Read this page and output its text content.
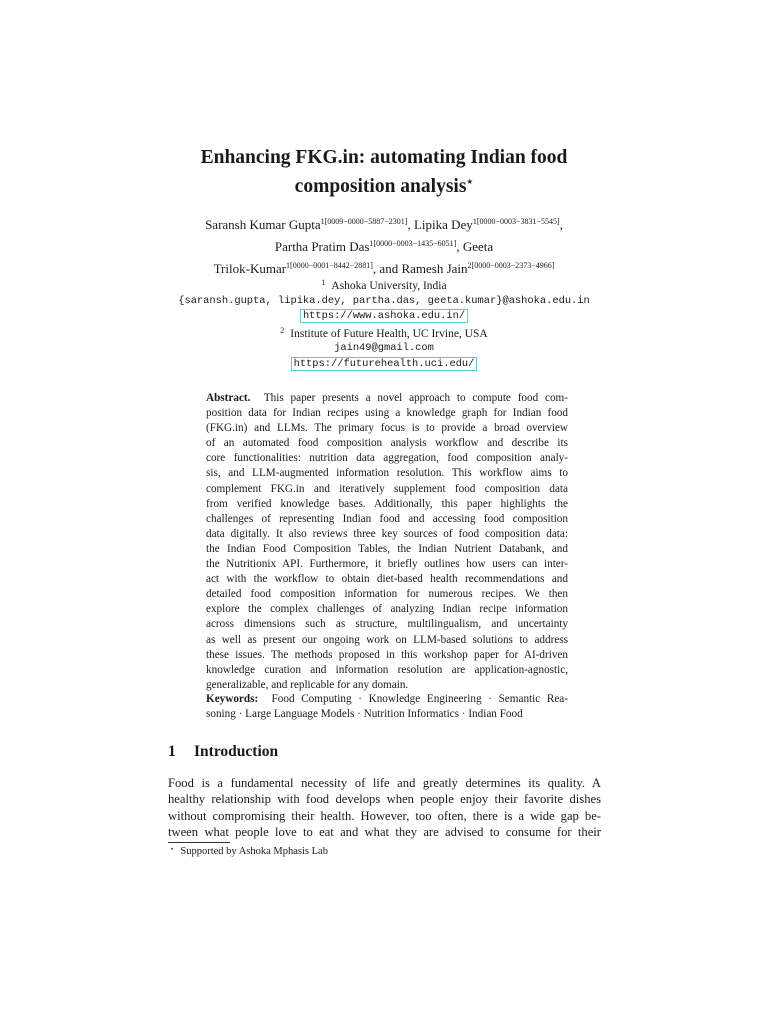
Enhancing FKG.in: automating Indian food
composition analysis⋆
Saransh Kumar Gupta$^{1[0009-0000-5887-2301]}$, Lipika Dey$^{1[0000-0003-3831-5545]}$,
Partha Pratim Das$^{1[0000-0003-1435-6051]}$, Geeta
Trilok-Kumar$^{1[0000-0001-8442-2881]}$, and Ramesh Jain$^{2[0000-0003-2373-4966]}$
$^1$ Ashoka University, India
{saransh.gupta, lipika.dey, partha.das, geeta.kumar}@ashoka.edu.in
https://www.ashoka.edu.in/
$^2$ Institute of Future Health, UC Irvine, USA
jain49@gmail.com
https://futurehealth.uci.edu/
Abstract. This paper presents a novel approach to compute food com-
position data for Indian recipes using a knowledge graph for Indian food
(FKG.in) and LLMs. The primary focus is to provide a broad overview
of an automated food composition analysis workflow and describe its
core functionalities: nutrition data aggregation, food composition analy-
sis, and LLM-augmented information resolution. This workflow aims to
complement FKG.in and iteratively supplement food composition data
from verified knowledge bases. Additionally, this paper highlights the
challenges of representing Indian food and accessing food composition
data digitally. It also reviews three key sources of food composition data:
the Indian Food Composition Tables, the Indian Nutrient Databank, and
the Nutritionix API. Furthermore, it briefly outlines how users can inter-
act with the workflow to obtain diet-based health recommendations and
detailed food composition information for numerous recipes. We then
explore the complex challenges of analyzing Indian recipe information
across dimensions such as structure, multilingualism, and uncertainty
as well as present our ongoing work on LLM-based solutions to address
these issues. The methods proposed in this workshop paper for AI-driven
knowledge curation and information resolution are application-agnostic,
generalizable, and replicable for any domain.
Keywords: Food Computing · Knowledge Engineering · Semantic Rea-
soning · Large Language Models · Nutrition Informatics · Indian Food
1 Introduction
Food is a fundamental necessity of life and greatly determines its quality. A
healthy relationship with food develops when people enjoy their favorite dishes
without compromising their health. However, too often, there is a wide gap be-
tween what people love to eat and what they are advised to consume for their
⋆ Supported by Ashoka Mphasis Lab
